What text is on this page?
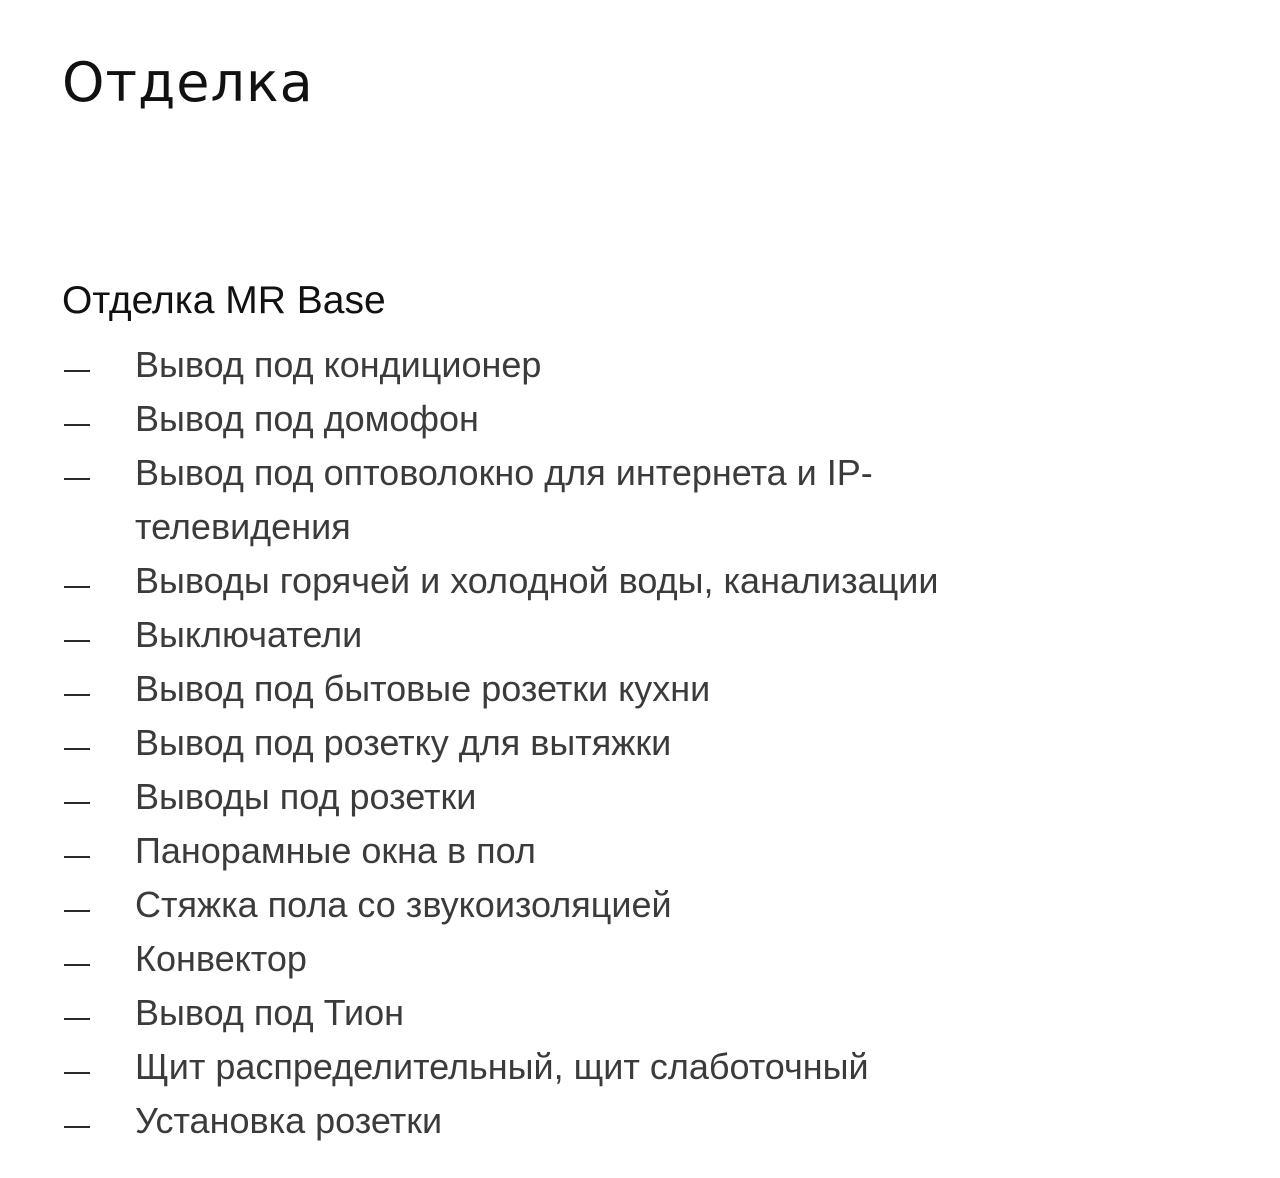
Отделка
Отделка MR Base
Вывод под кондиционер
Вывод под домофон
Вывод под оптоволокно для интернета и IP-телевидения
Выводы горячей и холодной воды, канализации
Выключатели
Вывод под бытовые розетки кухни
Вывод под розетку для вытяжки
Выводы под розетки
Панорамные окна в пол
Стяжка пола со звукоизоляцией
Конвектор
Вывод под Тион
Щит распределительный, щит слаботочный
Установка розетки
